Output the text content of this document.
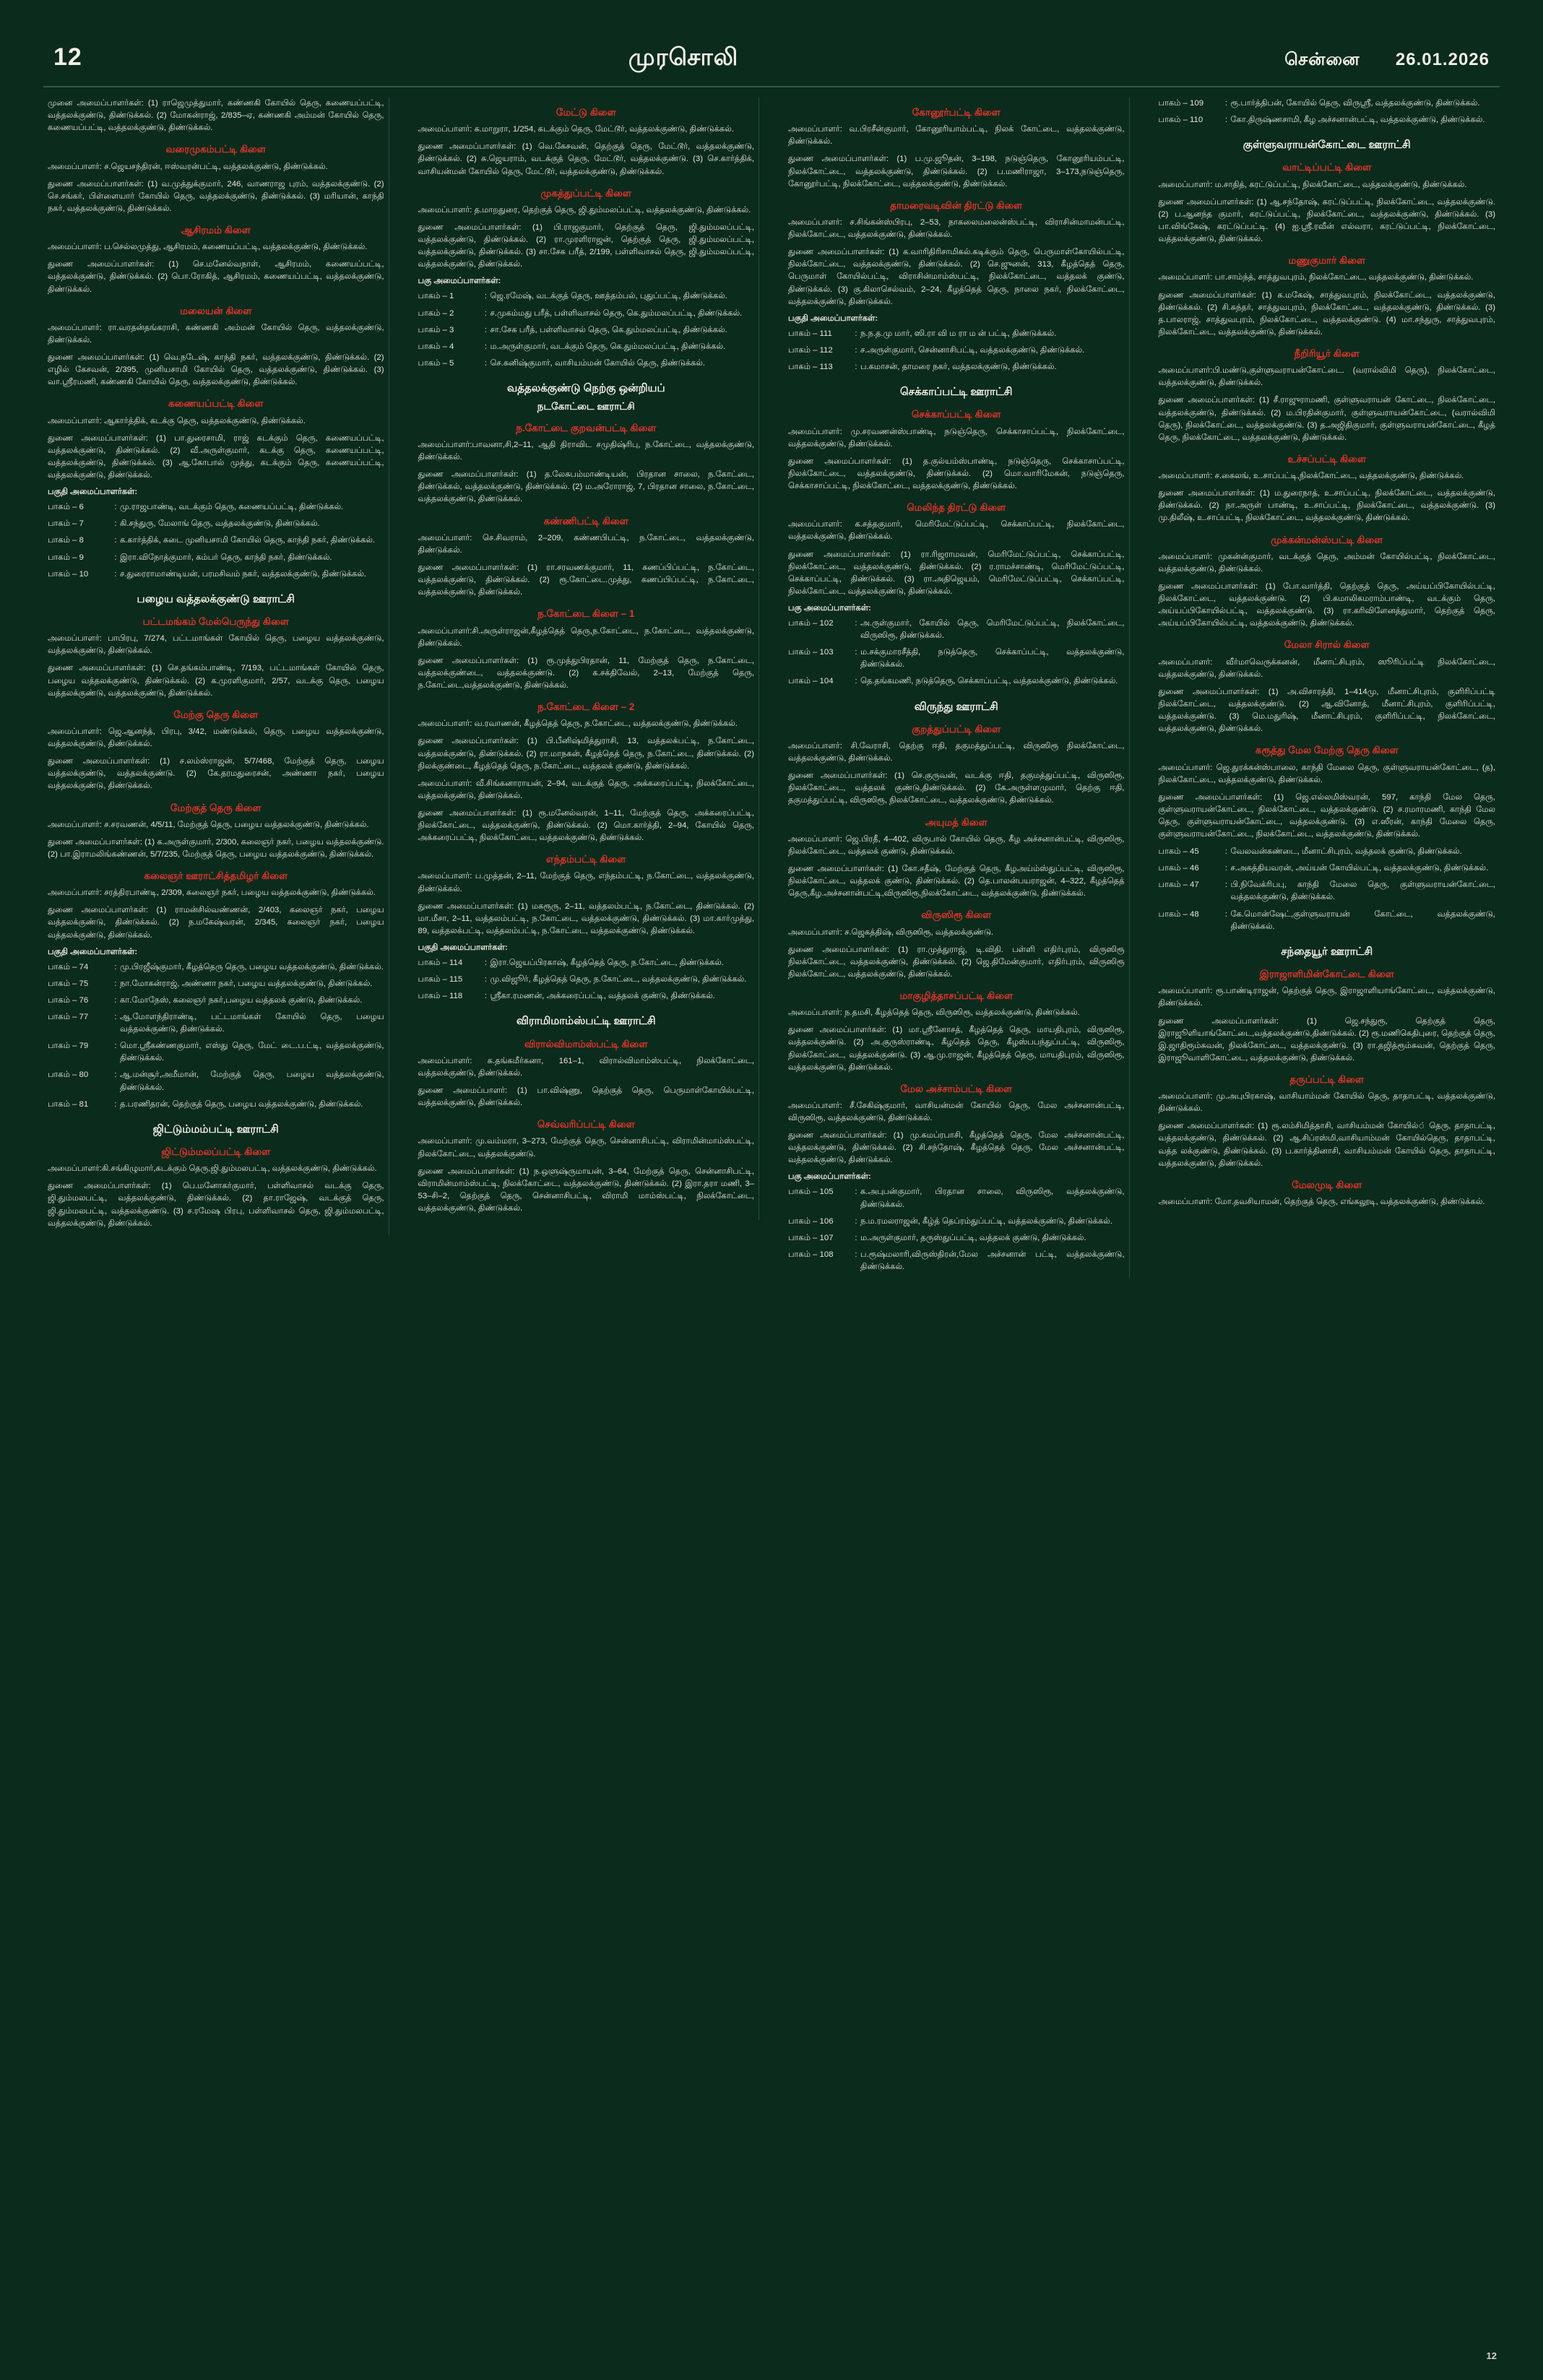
12	முரசொலி	சென்னை 26.01.2026

முனை அமைப்பாளர்கள்: (1) ராஜெமுத்துமார், கண்ணகி கோயில் தெரு, கணையப்பட்டி, வத்தலக்குண்டு, திண்டுக்கல். (2) மோகன்ராஜ், 2/835–ஏ, கண்ணகி அம்மன் கோயில் தெரு, கணையப்பட்டி, வத்தலக்குண்டு, திண்டுக்கல்.

வரைமுகம்பட்டி கிளை

அமைப்பாளர்: ச.ஜெயசந்திரன், ஈஸ்வரன்பட்டி, வத்தலக்குண்டு, திண்டுக்கல்.

துணை அமைப்பாளர்கள்: (1) வ.முத்துக்குமார், 246, வாணராஜ புரம், வத்தலக்குண்டு. (2) செ.சங்கர், பிள்ளையார் கோயில் தெரு, வத்தலக்குண்டு, திண்டுக்கல். (3) மரியான், காந்தி நகர், வத்தலக்குண்டு, திண்டுக்கல்.

ஆசிரமம் கிளை

அமைப்பாளர்: ப.செல்லமுத்து, ஆசிரமம், கணையப்பட்டி, வத்தலக்குண்டு, திண்டுக்கல்.

துணை அமைப்பாளர்கள்: (1) செ.மனேல்வநாள், ஆசிரமம், கணையப்பட்டி, வத்தலக்குண்டு, திண்டுக்கல். (2) பொ.ரோகித், ஆசிரமம், கணையப்பட்டி, வத்தலக்குண்டு, திண்டுக்கல்.

மலையன் கிளை

அமைப்பாளர்: ரா.வரதன்தங்கராசி, கண்ணகி அம்மன் கோயில் தெரு, வத்தலக்குண்டு, திண்டுக்கல்.

துணை அமைப்பாளர்கள்: (1) வெ.நடேஷ், காந்தி நகர், வத்தலக்குண்டு, திண்டுக்கல். (2) எழில் கேசவன், 2/395, முனியசாமி கோயில் தெரு, வத்தலக்குண்டு, திண்டுக்கல். (3) வா.ஸ்ரீரமணி, கண்ணகி கோயில் தெரு, வத்தலக்குண்டு, திண்டுக்கல்.

கணையப்பட்டி கிளை

அமைப்பாளர்: ஆகார்த்திக், கடக்கு தெரு, வத்தலக்குண்டு, திண்டுக்கல்.

துணை அமைப்பாளர்கள்: (1) பா.துரைசாமி, ராஜ் கடக்கும் தெரு, கணையப்பட்டி, வத்தலக்குண்டு, திண்டுக்கல். (2) வீ.அருள்குமார், கடக்கு தெரு, கணையப்பட்டி, வத்தலக்குண்டு, திண்டுக்கல். (3) ஆ.கோபால் முத்து, கடக்கும் தெரு, கணையப்பட்டி, வத்தலக்குண்டு, திண்டுக்கல்.

பகுதி அமைப்பாளர்கள்:
பாகம் – 6	: மு.ராஜபாண்டி, வடக்கும் தெரு, கணையப்பட்டி, திண்டுக்கல்.
பாகம் – 7	: கி.சந்துரு, மேலாங் தெரு, வத்தலக்குண்டு, திண்டுக்கல்.
பாகம் – 8	: க.கார்த்திக், சுடை முனியசாமி கோயில் தெரு, காந்தி நகர், திண்டுக்கல்.
பாகம் – 9	: இரா.விநோத்குமார், கம்பர் தெரு, காந்தி நகர், திண்டுக்கல்.
பாகம் – 10	: ச.துரைராமாண்டியன், பரமசிவம் நகர், வத்தலக்குண்டு, திண்டுக்கல்.
பழைய வத்தலக்குண்டு ஊராட்சி
பட்டமங்கம் மேல்பெருந்து கிளை

அமைப்பாளர்: பாபிரபு, 7/274, பட்டமாங்கள் கோயில் தெரு, பழைய வத்தலக்குண்டு, வத்தலக்குண்டு, திண்டுக்கல்.

துணை அமைப்பாளர்கள்: (1) செ.தங்கம்பாண்டி, 7/193, பட்டமாங்கள் கோயில் தெரு, பழைய வத்தலக்குண்டு, திண்டுக்கல். (2) க.முரளிகுமார், 2/57, வடக்கு தெரு, பழைய வத்தலக்குண்டு, வத்தலக்குண்டு, திண்டுக்கல்.

மேற்கு தெரு கிளை

அமைப்பாளர்: ஜெ.ஆனந்த், பிரபு, 3/42, மண்டுக்கல், தெரு, பழைய வத்தலக்குண்டு, வத்தலக்குண்டு, திண்டுக்கல்.

துணை அமைப்பாளர்கள்: (1) ச.லம்ஸ்ராஜன், 5/7/468, மேற்குத் தெரு, பழைய வத்தலக்குண்டு, வத்தலக்குண்டு. (2) கே.தரமதுரைசன், அண்ணா நகர், பழைய வத்தலக்குண்டு, திண்டுக்கல்.

மேற்குத் தெரு கிளை

அமைப்பாளர்: ச.சரவணன், 4/5/11, மேற்குத் தெரு, பழைய வத்தலக்குண்டு, திண்டுக்கல்.

துணை அமைப்பாளர்கள்: (1) க.அருள்குமார், 2/300, கலைஞர் நகர், பழைய வத்தலக்குண்டு. (2) பா.இராமலிங்கண்ணன், 5/7/235, மேற்குத் தெரு, பழைய வத்தலக்குண்டு, திண்டுக்கல்.

கலைஞர் ஊராட்சித்தமிழர் கிளை

அமைப்பாளர்: சரத்திரபாண்டி, 2/309, கலைஞர் நகர், பழைய வத்தலக்குண்டு, திண்டுக்கல்.

துணை அமைப்பாளர்கள்: (1) ராமன்சில்வண்ணன், 2/403, கலைஞர் நகர், பழைய வத்தலக்குண்டு, திண்டுக்கல். (2) ந.மகேஷ்வரன், 2/345, கலைஞர் நகர், பழைய வத்தலக்குண்டு, திண்டுக்கல்.

பகுதி அமைப்பாளர்கள்:
பாகம் – 74	: மு.பிரஜீஷ்குமார், கீழத்தெரு தெரு, பழைய வத்தலக்குண்டு, திண்டுக்கல்.
பாகம் – 75	: நா.மோகன்ராஜ், அண்ணா நகர், பழைய வத்தலக்குண்டு, திண்டுக்கல்.
பாகம் – 76	: கா.மோநேஸ், கலைஞர் நகர்,பழைய வத்தலக் குண்டு, திண்டுக்கல்.
பாகம் – 77	: ஆ.மோளந்திராண்டி, பட்டமாங்கள் கோயில் தெரு, பழைய வத்தலக்குண்டு, திண்டுக்கல்.
பாகம் – 79	: மொ.ஸ்ரீகண்ணகுமார், எஸ்து தெரு, மேட் டை.ப.ட்டி, வத்தலக்குண்டு, திண்டுக்கல்.
பாகம் – 80	: ஆ.மன்சூர்,அமீமான், மேற்குத் தெரு, பழைய வத்தலக்குண்டு, திண்டுக்கல்.
பாகம் – 81	: த.பரணிதரன், தெற்குத் தெரு, பழைய வத்தலக்குண்டு, திண்டுக்கல்.
ஜிட்டும்மம்பட்டி ஊராட்சி
ஜிட்டும்மலப்பட்டி கிளை

அமைப்பாளர்:கி.சங்கிழுமார்,கடக்கும் தெரு,ஜி.தும்மலபட்டி, வத்தலக்குண்டு, திண்டுக்கல்.

துணை அமைப்பாளர்கள்: (1) பெ.மனோகர்குமார், பள்ளிவாசல் வடக்கு தெரு, ஜி.தும்மலபட்டி, வத்தலக்குண்டு, திண்டுக்கல். (2) தா.ராஜேஷ், வடக்குத் தெரு, ஜி.தும்மலபட்டி, வத்தலக்குண்டு. (3) ச.ரமேஷ பிரபு, பள்ளிவாசல் தெரு, ஜி.தும்மலபட்டி, வத்தலக்குண்டு, திண்டுக்கல்.

மேட்டு கிளை

அமைப்பாளர்: க.மாறுரா, 1/254, கடக்கும் தெரு, மேட்டூர், வத்தலக்குண்டு, திண்டுக்கல்.

துணை அமைப்பாளர்கள்: (1) வெ.கேசவன், தெற்குத் தெரு, மேட்டூர், வத்தலக்குண்டு, திண்டுக்கல். (2) சு.ஜெயராம், வடக்குத் தெரு, மேட்டூர், வத்தலக்குண்டு. (3) செ.கார்த்திக், வாசியன்மன் கோயில் தெரு, மேட்டூர், வத்தலக்குண்டு, திண்டுக்கல்.

முகத்துப்பட்டி கிளை

அமைப்பாளர்: த.மாறதுரை, தெற்குத் தெரு, ஜி.தும்மலப்பட்டி, வத்தலக்குண்டு, திண்டுக்கல்.

துணை அமைப்பாளர்கள்: (1) பி.ராஜகுமார், தெற்குத் தெரு, ஜி.தும்மலப்பட்டி, வத்தலக்குண்டு, திண்டுக்கல். (2) ரா.முரளிராஜன், தெற்குத் தெரு, ஜி.தும்மலப்பட்டி, வத்தலக்குண்டு, திண்டுக்கல். (3) சா.சேக பரீத், 2/199, பள்ளிவாசல் தெரு, ஜி.தும்மலப்பட்டி, வத்தலக்குண்டு, திண்டுக்கல்.

பகு அமைப்பாளர்கள்:
பாகம் – 1	: ஜெ.ரமேஷ், வடக்குத் தெரு, ஊத்தம்பல், புதுப்பட்டி, திண்டுக்கல்.
பாகம் – 2	: ச.முகம்மது பரீத், பள்ளிவாசல் தெரு, கெ.தும்மலப்பட்டி, திண்டுக்கல்.
பாகம் – 3	: சா.சேக பரீத், பள்ளிவாசல் தெரு, கெ.தும்மலப்பட்டி, திண்டுக்கல்.
பாகம் – 4	: ம.அருள்குமார், வடக்கும் தெரு, கெ.தும்மலப்பட்டி, திண்டுக்கல்.
பாகம் – 5	: செ.கனிஷ்குமார், வாசியம்மன் கோயில் தெரு, திண்டுக்கல்.
வத்தலக்குண்டு நெற்கு ஒன்றியப்
நடகோட்டை ஊராட்சி
ந.கோட்டை குறவன்பட்டி கிளை

அமைப்பாளர்:பாவனா,சி,2–11, ஆதி திராவிட சமுதிஷ்ரிபு, ந.கோட்டை, வத்தலக்குண்டு, திண்டுக்கல்.

துணை அமைப்பாளர்கள்: (1) த.லேசுபம்மாண்டியன், பிரதான சாலை, ந.கோட்டை, திண்டுக்கல், வத்தலக்குண்டு, திண்டுக்கல். (2) ம.அரோராஜ், 7, பிரதான சாலை, ந.கோட்டை, வத்தலக்குண்டு, திண்டுக்கல்.

கண்ணிபட்டி கிளை

அமைப்பாளர்: செ.சிவராம், 2–209, கண்ணபிபட்டி, ந.கோட்டை, வத்தலக்குண்டு, திண்டுக்கல்.

துணை அமைப்பாளர்கள்: (1) ரா.சரவணக்குமார், 11, கணப்பிப்பட்டி, ந.கோட்டை, வத்தலக்குண்டு, திண்டுக்கல். (2) ரூ.கோட்டை.முத்து, கணப்பிப்பட்டி, ந.கோட்டை, வத்தலக்குண்டு, திண்டுக்கல்.

ந.கோட்டை கிளை – 1

அமைப்பாளர்:சி.அருள்ராஜன்,கீழத்தெத் தெரு,ந.கோட்டை, ந.கோட்டை, வத்தலக்குண்டு, திண்டுக்கல்.

துணை அமைப்பாளர்கள்: (1) ரூ.முத்துபிரதான், 11, மேற்குத் தெரு, ந.கோட்டை, வத்தலக்குண்டை, வத்தலக்குண்டு. (2) க.சக்திவேல், 2–13, மேற்குத் தெரு, ந.கோட்டை,வத்தலக்குண்டு, திண்டுக்கல்.

ந.கோட்டை கிளை – 2

அமைப்பாளர்: வ.ரவாணன், கீழத்தெத் தெரு, ந.கோட்டை, வத்தலக்குண்டு, திண்டுக்கல்.

துணை அமைப்பாளர்கள்: (1) பி.பீனிஷ்மித்துராசி, 13, வத்தலக்பட்டி, ந.கோட்டை, வத்தலக்குண்டு, திண்டுக்கல். (2) ரா.மாநகன், கீழத்தெத் தெரு, ந.கோட்டை, திண்டுக்கல். (2) நிலக்குண்டை, கீழத்தெத் தெரு, ந.கோட்டை, வத்தலக் குண்டு, திண்டுக்கல்.

அமைப்பாளர்: வீ.சிங்கனாராயன், 2–94, வடக்குத் தெரு, அக்கரைப்பட்டி, நிலக்கோட்டை, வத்தலக்குண்டு, திண்டுக்கல்.

துணை அமைப்பாளர்கள்: (1) ரூ.மனேல்வரன், 1–11, மேற்குத் தெரு, அக்கரைப்பட்டி, நிலக்கோட்டை, வத்தலக்குண்டு, திண்டுக்கல். (2) மொ.கார்த்தி, 2–94, கோயில் தெரு, அக்கரைப்பட்டி, நிலக்கோட்டை, வத்தலக்குண்டு, திண்டுக்கல்.

எந்தம்பட்டி கிளை

அமைப்பாளர்: ப.முத்தன், 2–11, மேற்குத் தெரு, எந்தம்பட்டி, ந.கோட்டை, வத்தலக்குண்டு, திண்டுக்கல்.

துணை அமைப்பாளர்கள்: (1) மகரூரு, 2–11, வத்தலம்பட்டி, ந.கோட்டை, திண்டுக்கல். (2) மா.மீசா, 2–11, வத்தலம்பட்டி, ந.கோட்டை, வத்தலக்குண்டு, திண்டுக்கல். (3) மா.கார்முத்து, 89, வத்தலக்பட்டி, வத்தலம்பட்டி, ந.கோட்டை, வத்தலக்குண்டு, திண்டுக்கல்.

பகுதி அமைப்பாளர்கள்:
பாகம் – 114	: இரா.ஜெயப்பிரகாஷ், கீழத்தெத் தெரு, ந.கோட்டை, திண்டுக்கல்.
பாகம் – 115	: மு.விஜூர், கீழத்தெத் தெரு, ந.கோட்டை, வத்தலக்குண்டு, திண்டுக்கல்.
பாகம் – 118	: ஸ்ரீகா.ரமணன், அக்கரைப்பட்டி, வத்தலக் குண்டு, திண்டுக்கல்.
விராமிமாம்ஸ்பட்டி ஊராட்சி
விரால்விமாம்ஸ்பட்டி கிளை

அமைப்பாளர்: க.தங்கமீர்கனா, 161–1, விரால்விமாம்ஸ்பட்டி, நிலக்கோட்டை, வத்தலக்குண்டு, திண்டுக்கல்.

துணை அமைப்பாளர்: (1) பா.விஷ்ணு, தெற்குத் தெரு, பெருமாள்கோயில்பட்டி, வத்தலக்குண்டு, திண்டுக்கல்.

செவ்வரிப்பட்டி கிளை

அமைப்பாளர்: மு.வம்மரா, 3–273, மேற்குத் தெரு, சென்னாசிபட்டி, விராமின்மாம்ஸ்பட்டி, நிலக்கோட்டை, வத்தலக்குண்டு.

துணை அமைப்பாளர்கள்: (1) ந.ஒளுஷ்ருமாயன், 3–64, மேற்குத் தெரு, சென்னாசிபட்டி, விராமின்மாம்ஸ்பட்டி, நிலக்கோட்டை, வத்தலக்குண்டு, திண்டுக்கல். (2) இரா.தரா மணி, 3–53–சி–2, தெற்குத் தெரு, சென்னாசிபட்டி, விராமி மாம்ஸ்பட்டி, நிலக்கோட்டை, வத்தலக்குண்டு, திண்டுக்கல்.

கோனூர்பட்டி கிளை

அமைப்பாளர்: வ.பிரசீன்குமார், கோனூரியாம்பட்டி, நிலக் கோட்டை, வத்தலக்குண்டு, திண்டுக்கல்.

துணை அமைப்பாளர்கள்: (1) ப.மு.ஜூதன், 3–198, நடுஞ்தெரு, கோனூரியம்பட்டி, நிலக்கோட்டை, வத்தலக்குண்டு, திண்டுக்கல். (2) ப.மணிராஜா, 3–173,நடுஞ்தெரு, கோனூர்பட்டி, நிலக்கோட்டை, வத்தலக்குண்டு, திண்டுக்கல்.

தாமரைவடிவின் திரட்டு கிளை

அமைப்பாளர்: ச.சிங்கன்ஸ்பிரபு, 2–53, நாகலைமலைன்ஸ்பட்டி, விராசின்மாமன்பட்டி, நிலக்கோட்டை, வத்தலக்குண்டு, திண்டுக்கல்.

துணை அமைப்பாளர்கள்: (1) க.வாரிதிரிசாமிகல்.கடிக்கும் தெரு, பெருமாள்கோயில்பட்டி, நிலக்கோட்டை, வத்தலக்குண்டு, திண்டுக்கல். (2) செ.ஜுனன், 313, கீழத்தெத் தெரு, பெருமாள் கோயில்பட்டி, விராசின்மாம்ஸ்பட்டி, நிலக்கோட்டை, வத்தலக் குண்டு, திண்டுக்கல். (3) கு.கிலாசெல்வம், 2–24, கீழத்தெத் தெரு, நாலை நகர், நிலக்கோட்டை, வத்தலக்குண்டு, திண்டுக்கல்.

பகுதி அமைப்பாளர்கள்:
பாகம் – 111	: ந.ந.த.மு மார், ஸி.ரா வி ம ரா ம ன் பட்டி, திண்டுக்கல்.
பாகம் – 112	: ச.அருள்குமார், சென்னாசிபட்டி, வத்தலக்குண்டு, திண்டுக்கல்.
பாகம் – 113	: ப.கமாசன், தாமரை நகர், வத்தலக்குண்டு, திண்டுக்கல்.
செக்காப்பட்டி ஊராட்சி
செக்காப்பட்டி கிளை

அமைப்பாளர்: மு.சரவணன்ஸ்பாண்டி, நடுஞ்தெரு, செக்காசாப்பட்டி, நிலக்கோட்டை, வத்தலக்குண்டு, திண்டுக்கல்.

துணை அமைப்பாளர்கள்: (1) த.குல்யம்ஸ்பாண்டி, நடுஞ்தெரு, செக்காசாப்பட்டி, நிலக்கோட்டை, வத்தலக்குண்டு, திண்டுக்கல். (2) மொ.வாரிமேகன், நடுஞ்தெரு, செக்காசாப்பட்டி, நிலக்கோட்டை, வத்தலக்குண்டு, திண்டுக்கல்.

மெலிந்த திரட்டு கிளை

அமைப்பாளர்: க.சத்தகுமார், மெரிமேட்டுப்பட்டி, செக்காப்பட்டி, நிலக்கோட்டை, வத்தலக்குண்டு, திண்டுக்கல்.

துணை அமைப்பாளர்கள்: (1) ரா.ரிஜராமவன், மெரிமேட்டுப்பட்டி, செக்காப்பட்டி, நிலக்கோட்டை, வத்தலக்குண்டு, திண்டுக்கல். (2) ர.ராமச்சாண்டி, மெரிமேட்டுப்பட்டி, செக்காப்பட்டி, திண்டுக்கல். (3) ரா.அதிஜெயம், மெரிமேட்டுப்பட்டி, செக்காப்பட்டி, நிலக்கோட்டை, வத்தலக்குண்டு, திண்டுக்கல்.

பகு அமைப்பாளர்கள்:
பாகம் – 102	: அ.ருள்குமார், கோயில் தெரு, மெரிமேட்டுப்பட்டி, நிலக்கோட்டை, விருஸிரூ, திண்டுக்கல்.
பாகம் – 103	: ம.சக்குமாரசீத்தி, நடுத்தெரு, செக்காப்பட்டி, வத்தலக்குண்டு, திண்டுக்கல்.
பாகம் – 104	: தெ.தங்கமணி, நடுத்தெரு, செக்காப்பட்டி, வத்தலக்குண்டு, திண்டுக்கல்.
விருந்து ஊராட்சி
குறத்துப்பட்டி கிளை

அமைப்பாளர்: சி.வேராசி, தெற்கு ஈதி, தகுமத்துப்பட்டி, விருஸிரூ நிலக்கோட்டை, வத்தலக்குண்டு, திண்டுக்கல்.

துணை அமைப்பாளர்கள்: (1) செ.குருவன், வடக்கு ஈதி, தகுமத்துப்பட்டி, விருஸிரூ, நிலக்கோட்டை, வத்தலக் குண்டு,திண்டுக்கல். (2) கே.அருள்ளமுமார், தெற்கு ஈதி, தகுமத்துப்பட்டி, விருஸிரூ, நிலக்கோட்டை, வத்தலக்குண்டு, திண்டுக்கல்.

அயுமத் கிளை

அமைப்பாளர்: ஜெ.பிரதீ, 4–402, விருபால் கோயில் தெரு, கீழ அச்சனான்பட்டி, விருஸிரூ, நிலக்கோட்டை, வத்தலக் குண்டு, திண்டுக்கல்.

துணை அமைப்பாளர்கள்: (1) கோ.சதீஷ், மேற்குத் தெரு, கீழஅய்ம்ஸ்துப்பட்டி, விருஸிரூ, நிலக்கோட்டை, வத்தலக் குண்டு, திண்டுக்கல். (2) தெ.பாலன்பயராஜன், 4–322, கீழத்தெத் தெரு,கீழ.அச்சனான்பட்டி,விருஸிரூ,நிலக்கோட்டை, வத்தலக்குண்டு, திண்டுக்கல்.

விருஸிரூ கிளை

அமைப்பாளர்: ச.ஜெகத்திஷ், விருஸிரூ, வத்தலக்குண்டு.

துணை அமைப்பாளர்கள்: (1) ரா.முத்துராஜ், டி.விதி. பள்ளி எதிர்புரம், விருஸிரூ நிலக்கோட்டை, வத்தலக்குண்டு, திண்டுக்கல். (2) ஜெ.திமேன்குமார், எதிர்புரம், விருஸிரூ நிலக்கோட்டை, வத்தலக்குண்டு, திண்டுக்கல்.

மாகுழித்தாசப்பட்டி கிளை

அமைப்பாளர்: ந.தமசி, கீழத்தெத் தெரு, விருஸிரூ, வத்தலக்குண்டு, திண்டுக்கல்.

துணை அமைப்பாளர்கள்: (1) மா.ஸ்ரீனோசத், கீழத்தெத் தெரு, மாயதிபுரம், விருஸிரூ, வத்தலக்குண்டு. (2) அ.குருஸ்ராண்டி, கீழதெத் தெரு, கீழஸ்பபந்துப்பட்டி, விருஸிரூ, நிலக்கோட்டை, வத்தலக்குண்டு. (3) ஆ.மு.ராஜன், கீழத்தெத் தெரு, மாயதிபுரம், விருஸிரூ, வத்தலக்குண்டு, திண்டுக்கல்.

மேல அச்சாம்பட்டி கிளை

அமைப்பாளர்: சீ.சேகிஷ்குமார், வாசியன்மன் கோயில் தெரு, மேல அச்சனான்பட்டி, விருஸிரூ, வத்தலக்குண்டு, திண்டுக்கல்.

துணை அமைப்பாளர்கள்: (1) மு.சுமப்ரபாசி, கீழத்தெத் தெரு, மேல அச்சனான்பட்டி, வத்தலக்குண்டு, திண்டுக்கல். (2) சி.சந்தோஷ், கீழத்தெத் தெரு, மேல அச்சனான்பட்டி, வத்தலக்குண்டு, திண்டுக்கல்.

பகு அமைப்பாளர்கள்:
பாகம் – 105	: க.அபுபன்குமார், பிரதான சாலை, விருஸிரூ, வத்தலக்குண்டு, திண்டுக்கல்.
பாகம் – 106	: ந.ம.ரமலராஜன், கீழ்த் தெப்ரம்துப்பட்டி, வத்தலக்குண்டு, திண்டுக்கல்.
பாகம் – 107	: ம.அருள்குமார், தருஸ்துப்பட்டி, வத்தலக் குண்டு, திண்டுக்கல்.
பாகம் – 108	: ப.ரூஷ்மலாரி,விருஸ்திரன்,மேல அச்சனான் பட்டி, வத்தலக்குண்டு, திண்டுக்கல்.
பாகம் – 109	: ரூ.பார்த்திபன், கோயில் தெரு, விருஸ்ரீ, வத்தலக்குண்டு, திண்டுக்கல்.
பாகம் – 110	: கோ.திருஷ்ணசாமி, கீழ அச்சனான்பட்டி, வத்தலக்குண்டு, திண்டுக்கல்.
குள்ளுவராயன்கோட்டை ஊராட்சி
வாட்டிப்பட்டி கிளை

அமைப்பாளர்: ம.சாதித், கரட்டுப்பட்டி, நிலக்கோட்டை, வத்தலக்குண்டு, திண்டுக்கல்.

துணை அமைப்பாளர்கள்: (1) ஆ.சந்தோஷ், கரட்டுப்பட்டி, நிலக்கோட்டை, வத்தலக்குண்டு. (2) ப.ஆனந்த குமார், கரட்டுப்பட்டி, நிலக்கோட்டை, வத்தலக்குண்டு, திண்டுக்கல். (3) பா.விங்கேஷ், கரட்டுப்பட்டி. (4) ஐ.ஸ்ரீ.ரவீன் எல்வரா, கரட்டுப்பட்டி, நிலக்கோட்டை, வத்தலக்குண்டு, திண்டுக்கல்.

மணுகுமார் கிளை

அமைப்பாளர்: பா.சாம்ந்த், சாத்துவபுரம், நிலக்கோட்டை, வத்தலக்குண்டு, திண்டுக்கல்.

துணை அமைப்பாளர்கள்: (1) க.மகேஷ், சாத்துவபுரம், நிலக்கோட்டை, வத்தலக்குண்டு, திண்டுக்கல். (2) சி.சுந்தர், சாத்துவபுரம், நிலக்கோட்டை, வத்தலக்குண்டு, திண்டுக்கல். (3) த.பாலராஜ், சாத்துவபுரம், நிலக்கோட்டை, வத்தலக்குண்டு. (4) மா.சந்துரு, சாத்துவபுரம், நிலக்கோட்டை, வத்தலக்குண்டு, திண்டுக்கல்.

நீறிரியூர் கிளை

அமைப்பாளர்:பி.மண்டு,குள்ளுவராயன்கோட்டை. (வரால்விமி தெரு), நிலக்கோட்டை, வத்தலக்குண்டு, திண்டுக்கல்.

துணை அமைப்பாளர்கள்: (1) சீ.ராஜுராமணி, குள்ளுவராயன் கோட்டை, நிலக்கோட்டை, வத்தலக்குண்டு, திண்டுக்கல். (2) ம.பிரதின்குமார், குள்ளுவராயன்கோட்டை, (வரால்விமி தெரு), நிலக்கோட்டை, வத்தலக்குண்டு. (3) த.அஜிதிகுமார், குள்ளுவராயன்கோட்டை, கீழத் தெரு, நிலக்கோட்டை, வத்தலக்குண்டு, திண்டுக்கல்.

உச்சப்பட்டி கிளை

அமைப்பாளர்: ச.கைலங், உ.சாப்பட்டி,நிலக்கோட்டை, வத்தலக்குண்டு, திண்டுக்கல்.

துணை அமைப்பாளர்கள்: (1) ம.துரைநாத், உ.சாப்பட்டி, நிலக்கோட்டை, வத்தலக்குண்டு, திண்டுக்கல். (2) நா.அருள் பாண்டி, உ.சாப்பட்டி, நிலக்கோட்டை, வத்தலக்குண்டு. (3) மு.திலீஷ், உ.சாப்பட்டி, நிலக்கோட்டை, வத்தலக்குண்டு, திண்டுக்கல்.

முக்கன்மன்ஸ்பட்டி கிளை

அமைப்பாளர்: முகன்ன்குமார், வடக்குத் தெரு, அம்மன் கோயில்பட்டி, நிலக்கோட்டை, வத்தலக்குண்டு, திண்டுக்கல்.

துணை அமைப்பாளர்கள்: (1) போ.வார்த்தி, தெற்குத் தெரு, அய்யப்பிகோயில்பட்டி, நிலக்கோட்டை, வத்தலக்குண்டு. (2) பி.கமாலிகமராம்பாண்டி, வடக்கும் தெரு, அய்யப்பிகோயில்பட்டி, வத்தலக்குண்டு. (3) ரா.கரிவிளேனத்துமார், தெற்குத் தெரு, அய்யப்பிகோயில்பட்டி, வத்தலக்குண்டு, திண்டுக்கல்.

மேலா சிரால் கிளை

அமைப்பாளர்: வீர்மாவெருக்கனன், மீனாட்சிபுரம், ஸூரிப்பட்டி நிலக்கோட்டை, வத்தலக்குண்டு, திண்டுக்கல்.

துணை அமைப்பாளர்கள்: (1) அ.விசாரத்தி, 1–414மு, மீனாட்சிபுரம், குளிரிப்பட்டி நிலக்கோட்டை, வத்தலக்குண்டு. (2) ஆ.வினோத், மீனாட்சிபுரம், குளிரிப்பட்டி, வத்தலக்குண்டு. (3) மெ.மதுரிஷ், மீனாட்சிபுரம், குளிரிப்பட்டி, நிலக்கோட்டை, வத்தலக்குண்டு, திண்டுக்கல்.

கரூத்து மேல மேற்கு தெரு கிளை

அமைப்பாளர்: ஜெ.துரக்கன்ஸ்பாலை, காந்தி மேலை தெரு, குள்ளுவராயன்கோட்டை, (த), நிலக்கோட்டை, வத்தலக்குண்டு, திண்டுக்கல்.

துணை அமைப்பாளர்கள்: (1) ஜெ.எல்லமிஸ்வரன், 597, காந்தி மேல தெரு, குள்ளுவராயன்கோட்டை, நிலக்கோட்டை, வத்தலக்குண்டு. (2) ச.ரமாரமணி, காந்தி மேல தெரு, குள்ளுவராயன்கோட்டை, வத்தலக்குண்டு. (3) எ.ஸீரன், காந்தி மேலை தெரு, குள்ளுவராயன்கோட்டை, நிலக்கோட்டை, வத்தலக்குண்டு, திண்டுக்கல்.

பாகம் – 45	: வேலவன்கண்டை, மீனாட்சிபுரம், வத்தலக் குண்டு, திண்டுக்கல்.
பாகம் – 46	: ச.அகத்தியவரன், அய்யன் கோயில்பட்டி, வத்தலக்குண்டு, திண்டுக்கல்.
பாகம் – 47	: பி.நிவேக்ரிபபு, காந்தி மேலை தெரு, குள்ளுவராயன்கோட்டை, வத்தலக்குண்டு, திண்டுக்கல்.
பாகம் – 48	: கே.மொன்ஷேட்,குள்ளுவராயன் கோட்டை, வத்தலக்குண்டு, திண்டுக்கல்.
சந்தையூர் ஊராட்சி
இராஜாளிமின்கோட்டை கிளை

அமைப்பாளர்: ரூ.பாண்டிராஜன், தெற்குத் தெரு, இராஜாளியாங்கோட்டை, வத்தலக்குண்டு, திண்டுக்கல்.

துணை அமைப்பாளர்கள்: (1) ஜெ.சந்துரூ, தெற்குத் தெரு, இராஜூளியாங்கோட்டை,வத்தலக்குண்டு,திண்டுக்கல். (2) ரூ.மணிகெதிபுரை, தெற்குத் தெரு, இ.ஜாதிரூம்சுவன், நிலக்கோட்டை, வத்தலக்குண்டு. (3) ரா.தஜித்ரூம்சுவன், தெற்குத் தெரு, இராஜூவாளிகோட்டை, வத்தலக்குண்டு, திண்டுக்கல்.

தருப்பட்டி கிளை

அமைப்பாளர்: மு.அபுபிரகாஷ், வாசியாம்மன் கோயில் தெரு, தாதாபட்டி, வத்தலக்குண்டு, திண்டுக்கல்.

துணை அமைப்பாளர்கள்: (1) ரூ.லம்சிமித்தாசி, வாசியம்மன் கோயில்் தெரு, தாதாபட்டி, வத்தலக்குண்டு, திண்டுக்கல். (2) ஆ.சிப்ரஸ்மி,வாசியாம்மன் கோயில்தெரு, தாதாபட்டி, வத்த லக்குண்டு, திண்டுக்கல். (3) ப.கார்த்தினாசி, வாசியம்மன் கோயில் தெரு, தாதாபட்டி, வத்தலக்குண்டு, திண்டுக்கல்.

மேலமுடி கிளை

அமைப்பாளர்: மோ.தவசியாமன், தெற்குத் தெரு, எங்கலூடி, வத்தலக்குண்டு, திண்டுக்கல்.

12
